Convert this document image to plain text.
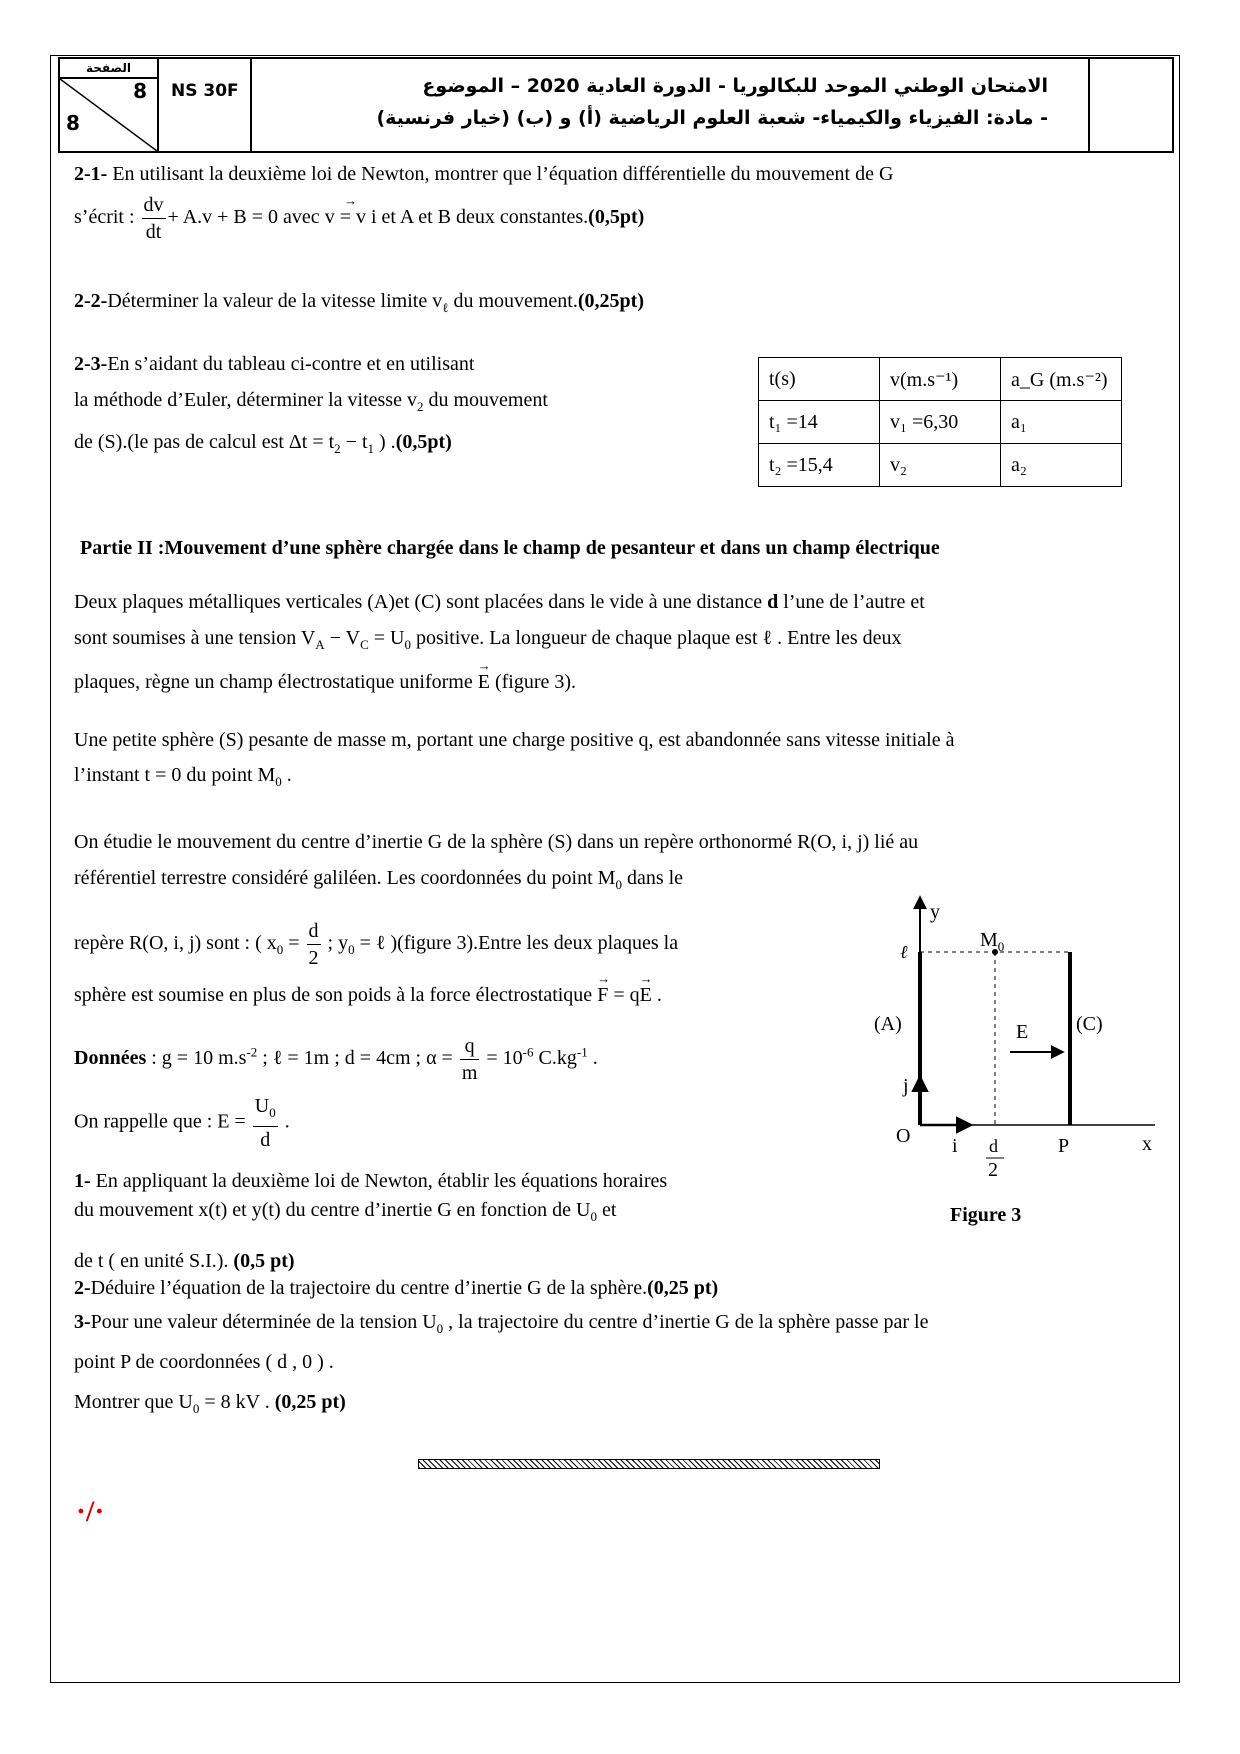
الصفحة
8
8
NS 30F	الامتحان الوطني الموحد للبكالوريا - الدورة العادية 2020 – الموضوع
- مادة: الفيزياء والكيمياء- شعبة العلوم الرياضية (أ) و (ب) (خيار فرنسية)
2-1- En utilisant la deuxième loi de Newton, montrer que l’équation différentielle du mouvement de G
s’écrit : $\frac{dv}{dt} + A.v + B = 0$ avec → v = v i et A et B deux constantes.(0,5pt)
2-2-Déterminer la valeur de la vitesse limite $v_\ell$ du mouvement.(0,25pt)
2-3-En s’aidant du tableau ci-contre et en utilisant
la méthode d’Euler, déterminer la vitesse $v_2$ du mouvement
de (S).(le pas de calcul est $\Delta t = t_2 - t_1$ ) .(0,5pt)
t(s)	v(m.s⁻¹)	a_G (m.s⁻²)
t₁ =14	v₁ =6,30	a₁
t₂ =15,4	v₂	a₂
Partie II :Mouvement d’une sphère chargée dans le champ de pesanteur et dans un champ électrique
Deux plaques métalliques verticales (A)et (C) sont placées dans le vide à une distance d l’une de l’autre et
sont soumises à une tension $V_A - V_C = U_0$ positive. La longueur de chaque plaque est ℓ . Entre les deux
plaques, règne un champ électrostatique uniforme → E (figure 3).
Une petite sphère (S) pesante de masse m, portant une charge positive q, est abandonnée sans vitesse initiale à
l’instant t = 0 du point $M_0$ .
On étudie le mouvement du centre d’inertie G de la sphère (S) dans un repère orthonormé R(O, i, j) lié au
référentiel terrestre considéré galiléen. Les coordonnées du point $M_0$ dans le
repère R(O, i, j) sont : ( $x_0 = \frac{d}{2}$ ; $y_0$ = ℓ )(figure 3).Entre les deux plaques la
sphère est soumise en plus de son poids à la force électrostatique → F = q→ E .
Données : g = 10 $m.s^{-2}$ ; ℓ = 1m ; d = 4cm ; $\alpha = \frac{q}{m} = 10^{-6}$ $C.kg^{-1}$ .
On rappelle que : $E = \frac{U_0}{d}$ .
1- En appliquant la deuxième loi de Newton, établir les équations horaires
du mouvement x(t) et y(t) du centre d’inertie G en fonction de $U_0$ et
de t ( en unité S.I.). (0,5 pt)
2-Déduire l’équation de la trajectoire du centre d’inertie G de la sphère.(0,25 pt)
3-Pour une valeur déterminée de la tension $U_0$ , la trajectoire du centre d’inertie G de la sphère passe par le
point P de coordonnées ( d , 0 ) .
Montrer que $U_0 = 8$ kV . (0,25 pt)
·/·
y
x
O
$M_0$
ℓ
(A)	(C)
E
j
i d	P
2
Figure 3
